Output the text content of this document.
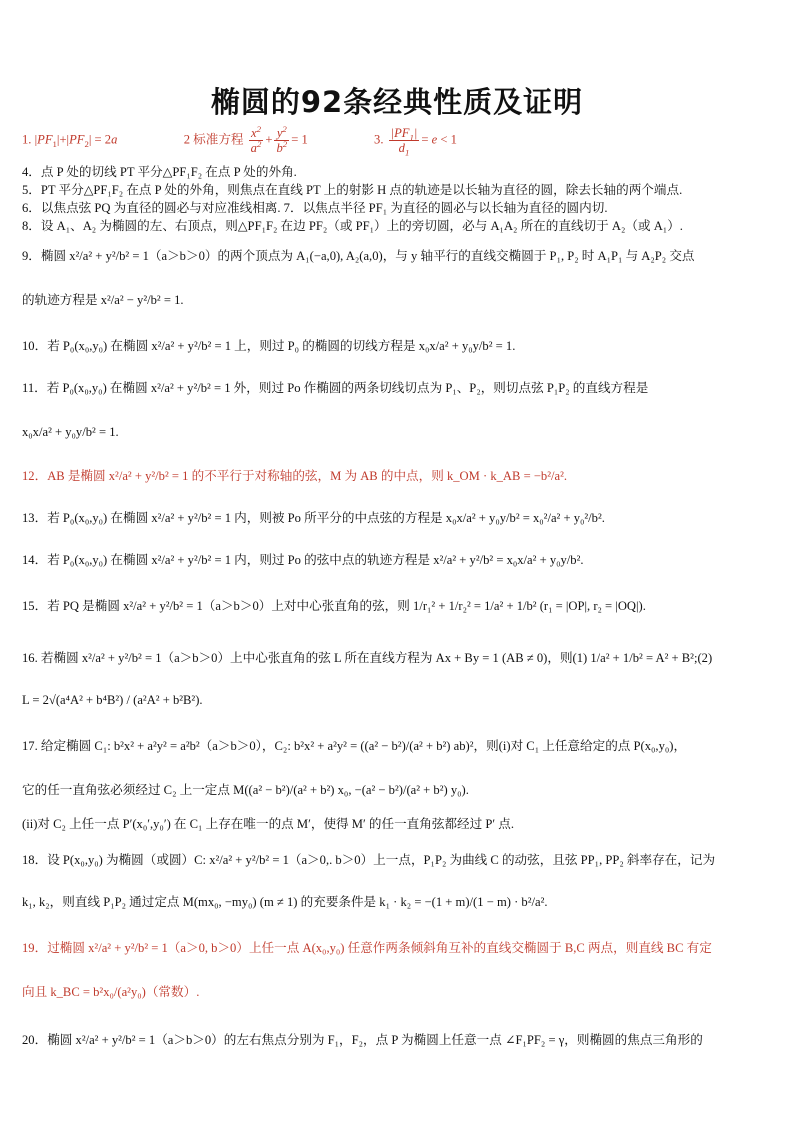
椭圆的92条经典性质及证明
1. $|PF_1|+|PF_2| = 2a$	2 标准方程 $\frac{x^2}{a^2} + \frac{y^2}{b^2} = 1$	3. $\frac{|PF_1|}{d_1} = e < 1$
4．点 P 处的切线 PT 平分△PF₁F₂ 在点 P 处的外角.
5．PT 平分△PF₁F₂ 在点 P 处的外角，则焦点在直线 PT 上的射影 H 点的轨迹是以长轴为直径的圆，除去长轴的两个端点.
6．以焦点弦 PQ 为直径的圆必与对应准线相离. 7．以焦点半径 PF₁ 为直径的圆必与以长轴为直径的圆内切.
8．设 A₁、A₂ 为椭圆的左、右顶点，则△PF₁F₂ 在边 PF₂（或 PF₁）上的旁切圆，必与 A₁A₂ 所在的直线切于 A₂（或 A₁）.
9．椭圆 x²/a² + y²/b² = 1（a＞b＞0）的两个顶点为 A₁(−a,0), A₂(a,0)，与 y 轴平行的直线交椭圆于 P₁, P₂ 时 A₁P₁ 与 A₂P₂ 交点
的轨迹方程是 x²/a² − y²/b² = 1.
10．若 P₀(x₀,y₀) 在椭圆 x²/a² + y²/b² = 1 上，则过 P₀ 的椭圆的切线方程是 x₀x/a² + y₀y/b² = 1.
11．若 P₀(x₀,y₀) 在椭圆 x²/a² + y²/b² = 1 外，则过 Po 作椭圆的两条切线切点为 P₁、P₂，则切点弦 P₁P₂ 的直线方程是
x₀x/a² + y₀y/b² = 1.
12．AB 是椭圆 x²/a² + y²/b² = 1 的不平行于对称轴的弦，M 为 AB 的中点，则 k_OM · k_AB = −b²/a².
13．若 P₀(x₀,y₀) 在椭圆 x²/a² + y²/b² = 1 内，则被 Po 所平分的中点弦的方程是 x₀x/a² + y₀y/b² = x₀²/a² + y₀²/b².
14．若 P₀(x₀,y₀) 在椭圆 x²/a² + y²/b² = 1 内，则过 Po 的弦中点的轨迹方程是 x²/a² + y²/b² = x₀x/a² + y₀y/b².
15．若 PQ 是椭圆 x²/a² + y²/b² = 1（a＞b＞0）上对中心张直角的弦，则 1/r₁² + 1/r₂² = 1/a² + 1/b² (r₁ = |OP|, r₂ = |OQ|).
16. 若椭圆 x²/a² + y²/b² = 1（a＞b＞0）上中心张直角的弦 L 所在直线方程为 Ax + By = 1 (AB ≠ 0)，则(1) 1/a² + 1/b² = A² + B²;(2)
L = 2√(a⁴A² + b⁴B²) / (a²A² + b²B²).
17. 给定椭圆 C₁: b²x² + a²y² = a²b²（a＞b＞0），C₂: b²x² + a²y² = ((a² − b²)/(a² + b²) ab)²，则(i)对 C₁ 上任意给定的点 P(x₀,y₀)，
它的任一直角弦必须经过 C₂ 上一定点 M((a² − b²)/(a² + b²) x₀, −(a² − b²)/(a² + b²) y₀).
(ii)对 C₂ 上任一点 P′(x₀′,y₀′) 在 C₁ 上存在唯一的点 M′，使得 M′ 的任一直角弦都经过 P′ 点.
18．设 P(x₀,y₀) 为椭圆（或圆）C: x²/a² + y²/b² = 1（a＞0,. b＞0）上一点，P₁P₂ 为曲线 C 的动弦，且弦 PP₁, PP₂ 斜率存在，记为
k₁, k₂，则直线 P₁P₂ 通过定点 M(mx₀, −my₀) (m ≠ 1) 的充要条件是 k₁ · k₂ = −(1 + m)/(1 − m) · b²/a².
19．过椭圆 x²/a² + y²/b² = 1（a＞0, b＞0）上任一点 A(x₀,y₀) 任意作两条倾斜角互补的直线交椭圆于 B,C 两点，则直线 BC 有定
向且 k_BC = b²x₀/(a²y₀)（常数）.
20．椭圆 x²/a² + y²/b² = 1（a＞b＞0）的左右焦点分别为 F₁，F₂，点 P 为椭圆上任意一点 ∠F₁PF₂ = γ，则椭圆的焦点三角形的
